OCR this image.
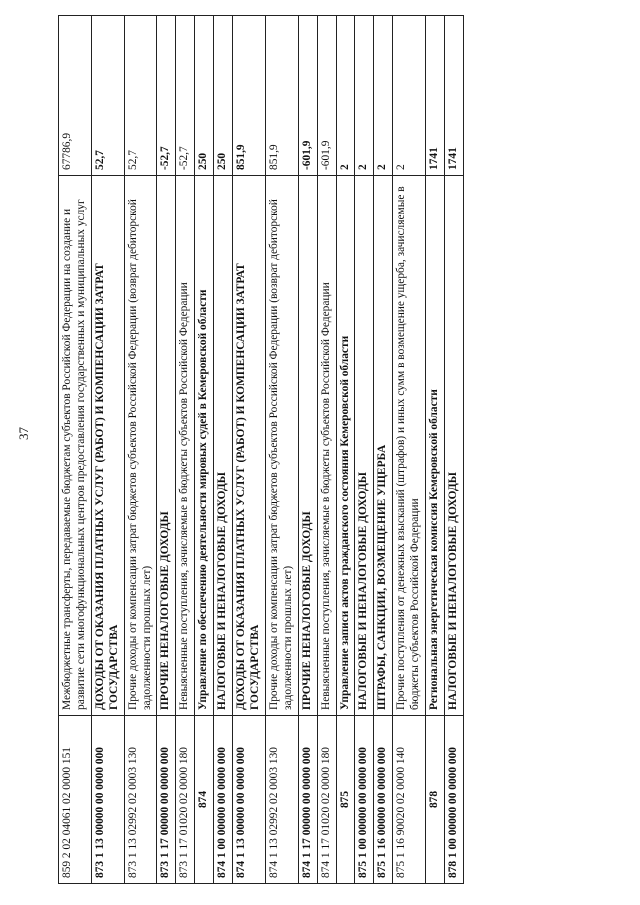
37
859 2 02 04061 02 0000 151	Межбюджетные трансферты, передаваемые бюджетам субъектов Российской Федерации на создание и развитие сети многофункциональных центров предоставления государственных и муниципальных услуг	67786,9
873 1 13 00000 00 0000 000	ДОХОДЫ ОТ ОКАЗАНИЯ ПЛАТНЫХ УСЛУГ (РАБОТ) И КОМПЕНСАЦИИ ЗАТРАТ ГОСУДАРСТВА	52,7
873 1 13 02992 02 0003 130	Прочие доходы от компенсации затрат бюджетов субъектов Российской Федерации (возврат дебиторской задолженности прошлых лет)	52,7
873 1 17 00000 00 0000 000	ПРОЧИЕ НЕНАЛОГОВЫЕ ДОХОДЫ	-52,7
873 1 17 01020 02 0000 180	Невыясненные поступления, зачисляемые в бюджеты субъектов Российской Федерации	-52,7
874	Управление по обеспечению деятельности мировых судей в Кемеровской области	250
874 1 00 00000 00 0000 000	НАЛОГОВЫЕ И НЕНАЛОГОВЫЕ ДОХОДЫ	250
874 1 13 00000 00 0000 000	ДОХОДЫ ОТ ОКАЗАНИЯ ПЛАТНЫХ УСЛУГ (РАБОТ) И КОМПЕНСАЦИИ ЗАТРАТ ГОСУДАРСТВА	851,9
874 1 13 02992 02 0003 130	Прочие доходы от компенсации затрат бюджетов субъектов Российской Федерации (возврат дебиторской задолженности прошлых лет)	851,9
874 1 17 00000 00 0000 000	ПРОЧИЕ НЕНАЛОГОВЫЕ ДОХОДЫ	-601,9
874 1 17 01020 02 0000 180	Невыясненные поступления, зачисляемые в бюджеты субъектов Российской Федерации	-601,9
875	Управление записи актов гражданского состояния Кемеровской области	2
875 1 00 00000 00 0000 000	НАЛОГОВЫЕ И НЕНАЛОГОВЫЕ ДОХОДЫ	2
875 1 16 00000 00 0000 000	ШТРАФЫ, САНКЦИИ, ВОЗМЕЩЕНИЕ УЩЕРБА	2
875 1 16 90020 02 0000 140	Прочие поступления от денежных взысканий (штрафов) и иных сумм в возмещение ущерба, зачисляемые в бюджеты субъектов Российской Федерации	2
878	Региональная энергетическая комиссия Кемеровской области	1741
878 1 00 00000 00 0000 000	НАЛОГОВЫЕ И НЕНАЛОГОВЫЕ ДОХОДЫ	1741
